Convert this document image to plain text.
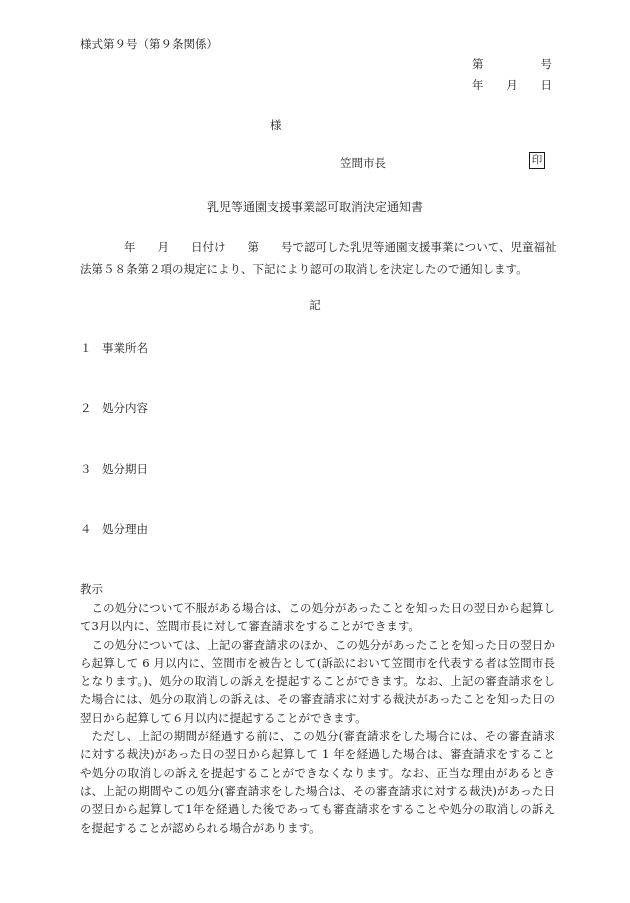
様式第９号（第９条関係）
第	号
年 月 日
様
笠間市長	印
乳児等通園支援事業認可取消決定通知書
年 月 日付け 第 号で認可した乳児等通園支援事業について、児童福祉
法第５８条第２項の規定により、下記により認可の取消しを決定したので通知します。
記
１ 事業所名
２ 処分内容
３ 処分期日
４ 処分理由
教示

この処分について不服がある場合は、この処分があったことを知った日の翌日から起算して3月以内に、笠間市長に対して審査請求をすることができます。

この処分については、上記の審査請求のほか、この処分があったことを知った日の翌日から起算して 6 月以内に、笠間市を被告として(訴訟において笠間市を代表する者は笠間市長となります。)、処分の取消しの訴えを提起することができます。なお、上記の審査請求をした場合には、処分の取消しの訴えは、その審査請求に対する裁決があったことを知った日の翌日から起算して６月以内に提起することができます。

ただし、上記の期間が経過する前に、この処分(審査請求をした場合には、その審査請求に対する裁決)があった日の翌日から起算して 1 年を経過した場合は、審査請求をすることや処分の取消しの訴えを提起することができなくなります。なお、正当な理由があるときは、上記の期間やこの処分(審査請求をした場合は、その審査請求に対する裁決)があった日の翌日から起算して1年を経過した後であっても審査請求をすることや処分の取消しの訴えを提起することが認められる場合があります。
